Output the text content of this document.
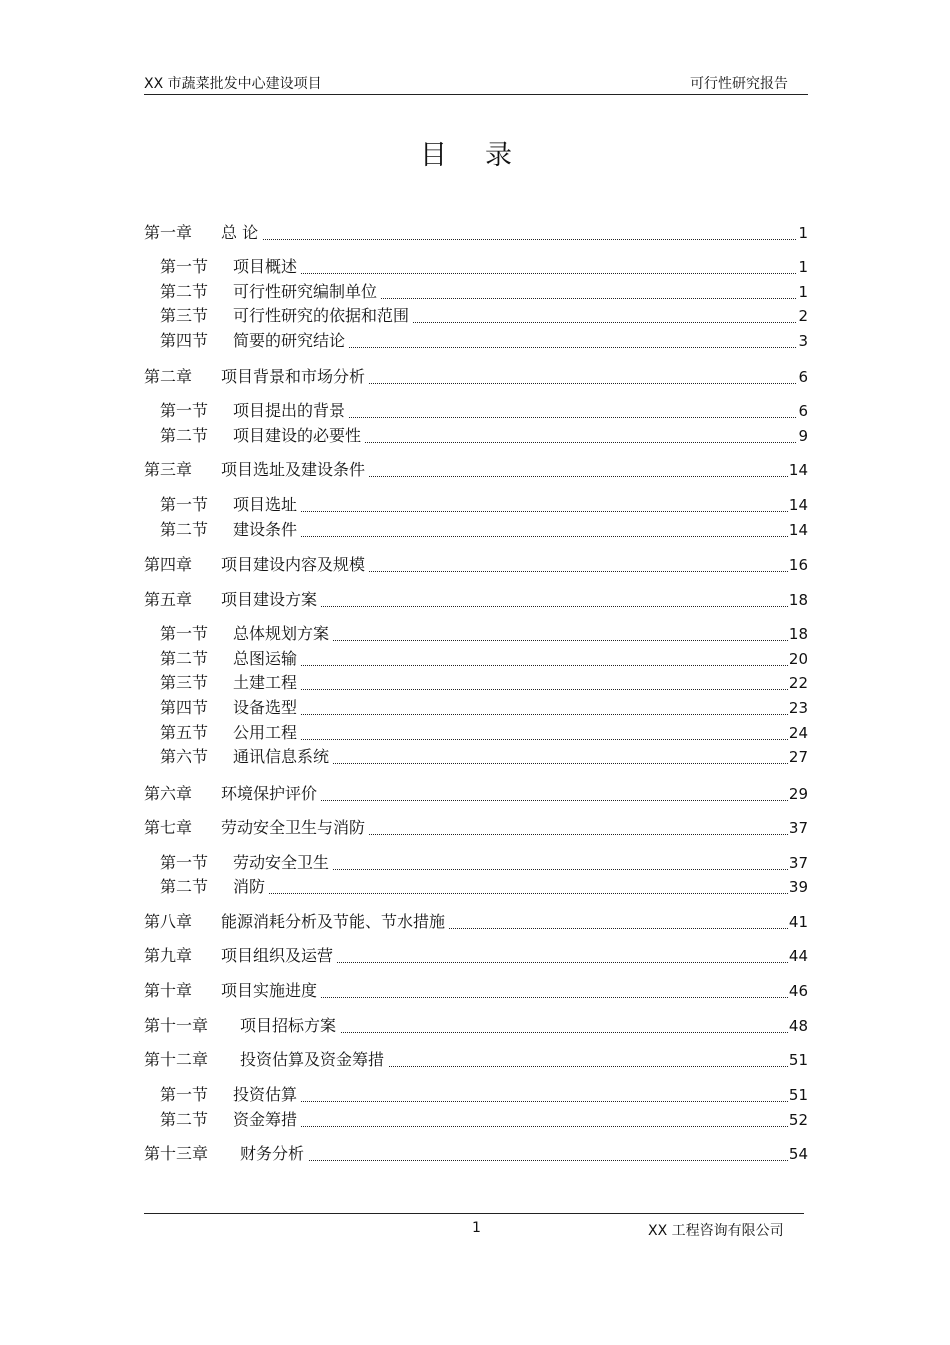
XX 市蔬菜批发中心建设项目	可行性研究报告
目录
第一章 总 论	1
第一节 项目概述	1
第二节 可行性研究编制单位	1
第三节 可行性研究的依据和范围	2
第四节 简要的研究结论	3
第二章 项目背景和市场分析	6
第一节 项目提出的背景	6
第二节 项目建设的必要性	9
第三章 项目选址及建设条件	14
第一节 项目选址	14
第二节 建设条件	14
第四章 项目建设内容及规模	16
第五章 项目建设方案	18
第一节 总体规划方案	18
第二节 总图运输	20
第三节 土建工程	22
第四节 设备选型	23
第五节 公用工程	24
第六节 通讯信息系统	27
第六章 环境保护评价	29
第七章 劳动安全卫生与消防	37
第一节 劳动安全卫生	37
第二节 消防	39
第八章 能源消耗分析及节能、节水措施	41
第九章 项目组织及运营	44
第十章 项目实施进度	46
第十一章 项目招标方案	48
第十二章 投资估算及资金筹措	51
第一节 投资估算	51
第二节 资金筹措	52
第十三章 财务分析	54
1	XX 工程咨询有限公司
